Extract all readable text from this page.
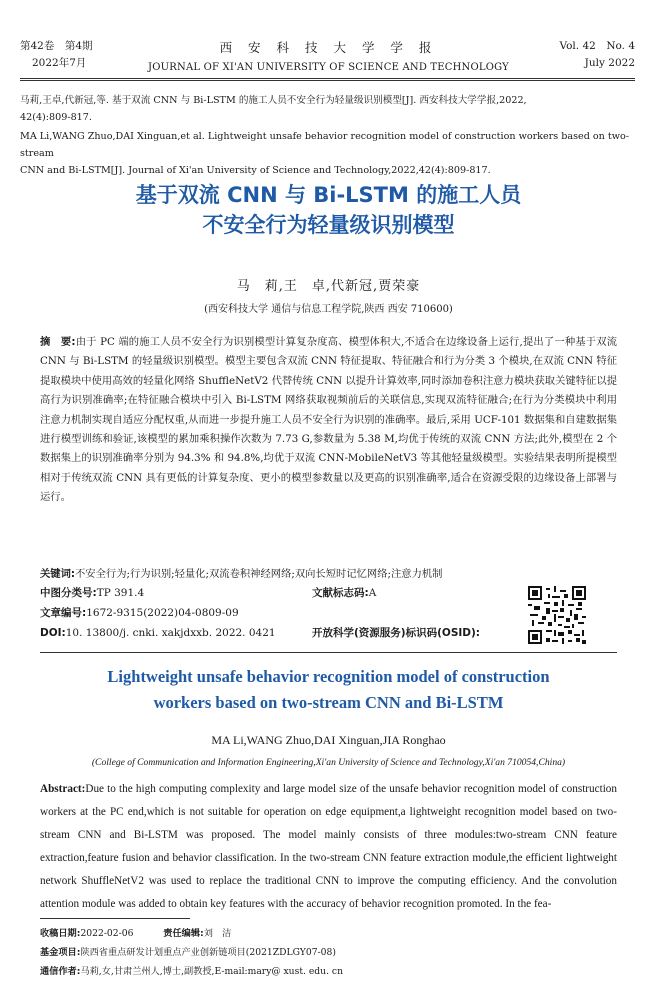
第42卷　第4期
2022年7月
西 安 科 技 大 学 学 报
JOURNAL OF XI'AN UNIVERSITY OF SCIENCE AND TECHNOLOGY
Vol. 42　No. 4
July 2022
马莉,王卓,代新冠,等. 基于双流 CNN 与 Bi-LSTM 的施工人员不安全行为轻量级识别模型[J]. 西安科技大学学报,2022,
42(4):809-817.
MA Li,WANG Zhuo,DAI Xinguan,et al. Lightweight unsafe behavior recognition model of construction workers based on two-stream
CNN and Bi-LSTM[J]. Journal of Xi'an University of Science and Technology,2022,42(4):809-817.
基于双流 CNN 与 Bi-LSTM 的施工人员
不安全行为轻量级识别模型
马　莉,王　卓,代新冠,贾荣豪
(西安科技大学 通信与信息工程学院,陕西 西安 710600)
摘　要:由于 PC 端的施工人员不安全行为识别模型计算复杂度高、模型体积大,不适合在边缘设备上运行,提出了一种基于双流 CNN 与 Bi-LSTM 的轻量级识别模型。模型主要包含双流 CNN 特征提取、特征融合和行为分类 3 个模块,在双流 CNN 特征提取模块中使用高效的轻量化网络 ShuffleNetV2 代替传统 CNN 以提升计算效率,同时添加卷积注意力模块获取关键特征以提高行为识别准确率;在特征融合模块中引入 Bi-LSTM 网络获取视频前后的关联信息,实现双流特征融合;在行为分类模块中利用注意力机制实现自适应分配权重,从而进一步提升施工人员不安全行为识别的准确率。最后,采用 UCF-101 数据集和自建数据集进行模型训练和验证,该模型的累加乘积操作次数为 7.73 G,参数量为 5.38 M,均优于传统的双流 CNN 方法;此外,模型在 2 个数据集上的识别准确率分别为 94.3% 和 94.8%,均优于双流 CNN-MobileNetV3 等其他轻量级模型。实验结果表明所提模型相对于传统双流 CNN 具有更低的计算复杂度、更小的模型参数量以及更高的识别准确率,适合在资源受限的边缘设备上部署与运行。
关键词:不安全行为;行为识别;轻量化;双流卷积神经网络;双向长短时记忆网络;注意力机制
中图分类号:TP 391.4	文献标志码:A
文章编号:1672-9315(2022)04-0809-09
DOI:10. 13800/j. cnki. xakjdxxb. 2022. 0421	开放科学(资源服务)标识码(OSID):
Lightweight unsafe behavior recognition model of construction
workers based on two-stream CNN and Bi-LSTM
MA Li,WANG Zhuo,DAI Xinguan,JIA Ronghao
(College of Communication and Information Engineering,Xi'an University of Science and Technology,Xi'an 710054,China)
Abstract:Due to the high computing complexity and large model size of the unsafe behavior recognition model of construction workers at the PC end,which is not suitable for operation on edge equipment,a lightweight recognition model based on two-stream CNN and Bi-LSTM was proposed. The model mainly consists of three modules:two-stream CNN feature extraction,feature fusion and behavior classification. In the two-stream CNN feature extraction module,the efficient lightweight network ShuffleNetV2 was used to replace the traditional CNN to improve the computing efficiency. And the convolution attention module was added to obtain key features with the accuracy of behavior recognition promoted. In the fea-
收稿日期:2022-02-06	责任编辑:刘　洁
基金项目:陕西省重点研发计划重点产业创新链项目(2021ZDLGY07-08)
通信作者:马莉,女,甘肃兰州人,博士,副教授,E-mail:mary@ xust. edu. cn
